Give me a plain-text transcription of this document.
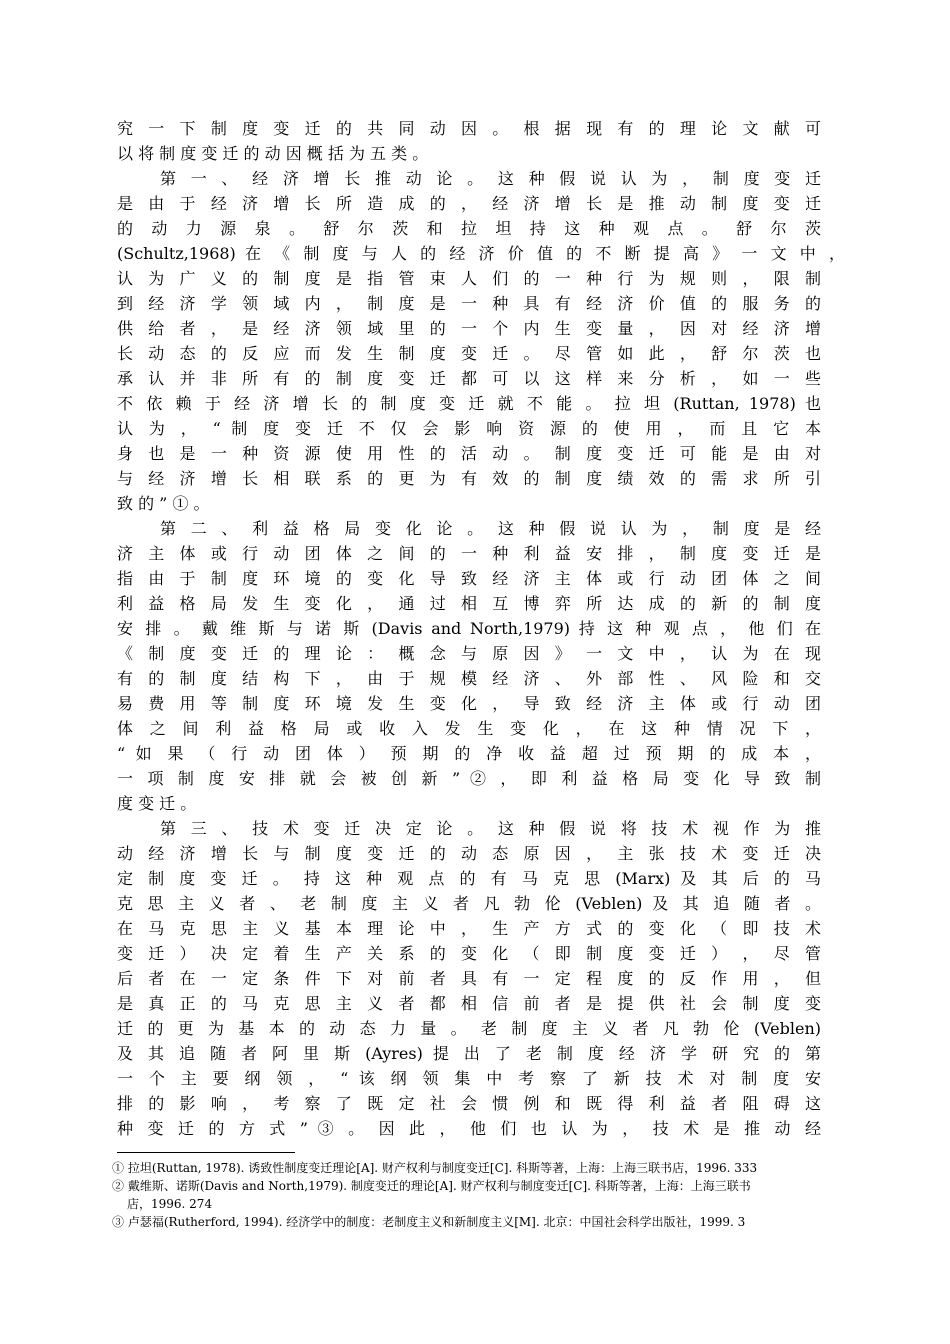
究 一 下 制 度 变 迁 的 共 同 动 因 。 根 据 现 有 的 理 论 文 献 可
以 将 制 度 变 迁 的 动 因 概 括 为 五 类 。
第 一 、 经 济 增 长 推 动 论 。 这 种 假 说 认 为 ， 制 度 变 迁
是 由 于 经 济 增 长 所 造 成 的 ， 经 济 增 长 是 推 动 制 度 变 迁
的 动 力 源 泉 。 舒 尔 茨 和 拉 坦 持 这 种 观 点 。 舒 尔 茨
(Schultz,1968) 在 《 制 度 与 人 的 经 济 价 值 的 不 断 提 高 》 一 文 中 ，
认 为 广 义 的 制 度 是 指 管 束 人 们 的 一 种 行 为 规 则 ， 限 制
到 经 济 学 领 域 内 ， 制 度 是 一 种 具 有 经 济 价 值 的 服 务 的
供 给 者 ， 是 经 济 领 域 里 的 一 个 内 生 变 量 ， 因 对 经 济 增
长 动 态 的 反 应 而 发 生 制 度 变 迁 。 尽 管 如 此 ， 舒 尔 茨 也
承 认 并 非 所 有 的 制 度 变 迁 都 可 以 这 样 来 分 析 ， 如 一 些
不 依 赖 于 经 济 增 长 的 制 度 变 迁 就 不 能 。 拉 坦 (Ruttan, 1978) 也
认 为 ， “ 制 度 变 迁 不 仅 会 影 响 资 源 的 使 用 ， 而 且 它 本
身 也 是 一 种 资 源 使 用 性 的 活 动 。 制 度 变 迁 可 能 是 由 对
与 经 济 增 长 相 联 系 的 更 为 有 效 的 制 度 绩 效 的 需 求 所 引
致 的 ” ① 。
第 二 、 利 益 格 局 变 化 论 。 这 种 假 说 认 为 ， 制 度 是 经
济 主 体 或 行 动 团 体 之 间 的 一 种 利 益 安 排 ， 制 度 变 迁 是
指 由 于 制 度 环 境 的 变 化 导 致 经 济 主 体 或 行 动 团 体 之 间
利 益 格 局 发 生 变 化 ， 通 过 相 互 博 弈 所 达 成 的 新 的 制 度
安 排 。 戴 维 斯 与 诺 斯 (Davis and North,1979) 持 这 种 观 点 ， 他 们 在
《 制 度 变 迁 的 理 论 ： 概 念 与 原 因 》 一 文 中 ， 认 为 在 现
有 的 制 度 结 构 下 ， 由 于 规 模 经 济 、 外 部 性 、 风 险 和 交
易 费 用 等 制 度 环 境 发 生 变 化 ， 导 致 经 济 主 体 或 行 动 团
体 之 间 利 益 格 局 或 收 入 发 生 变 化 ， 在 这 种 情 况 下 ，
“ 如 果 （ 行 动 团 体 ） 预 期 的 净 收 益 超 过 预 期 的 成 本 ，
一 项 制 度 安 排 就 会 被 创 新 ” ② ， 即 利 益 格 局 变 化 导 致 制
度 变 迁 。
第 三 、 技 术 变 迁 决 定 论 。 这 种 假 说 将 技 术 视 作 为 推
动 经 济 增 长 与 制 度 变 迁 的 动 态 原 因 ， 主 张 技 术 变 迁 决
定 制 度 变 迁 。 持 这 种 观 点 的 有 马 克 思 (Marx) 及 其 后 的 马
克 思 主 义 者 、 老 制 度 主 义 者 凡 勃 伦 (Veblen) 及 其 追 随 者 。
在 马 克 思 主 义 基 本 理 论 中 ， 生 产 方 式 的 变 化 （ 即 技 术
变 迁 ） 决 定 着 生 产 关 系 的 变 化 （ 即 制 度 变 迁 ） ， 尽 管
后 者 在 一 定 条 件 下 对 前 者 具 有 一 定 程 度 的 反 作 用 ， 但
是 真 正 的 马 克 思 主 义 者 都 相 信 前 者 是 提 供 社 会 制 度 变
迁 的 更 为 基 本 的 动 态 力 量 。 老 制 度 主 义 者 凡 勃 伦 (Veblen)
及 其 追 随 者 阿 里 斯 (Ayres) 提 出 了 老 制 度 经 济 学 研 究 的 第
一 个 主 要 纲 领 ， “ 该 纲 领 集 中 考 察 了 新 技 术 对 制 度 安
排 的 影 响 ， 考 察 了 既 定 社 会 惯 例 和 既 得 利 益 者 阻 碍 这
种 变 迁 的 方 式 ” ③ 。 因 此 ， 他 们 也 认 为 ， 技 术 是 推 动 经
① 拉坦(Ruttan, 1978). 诱致性制度变迁理论[A]. 财产权利与制度变迁[C]. 科斯等著，上海：上海三联书店，1996. 333
② 戴维斯、诺斯(Davis and North,1979). 制度变迁的理论[A]. 财产权利与制度变迁[C]. 科斯等著，上海：上海三联书
店，1996. 274
③ 卢瑟福(Rutherford, 1994). 经济学中的制度：老制度主义和新制度主义[M]. 北京：中国社会科学出版社，1999. 3
